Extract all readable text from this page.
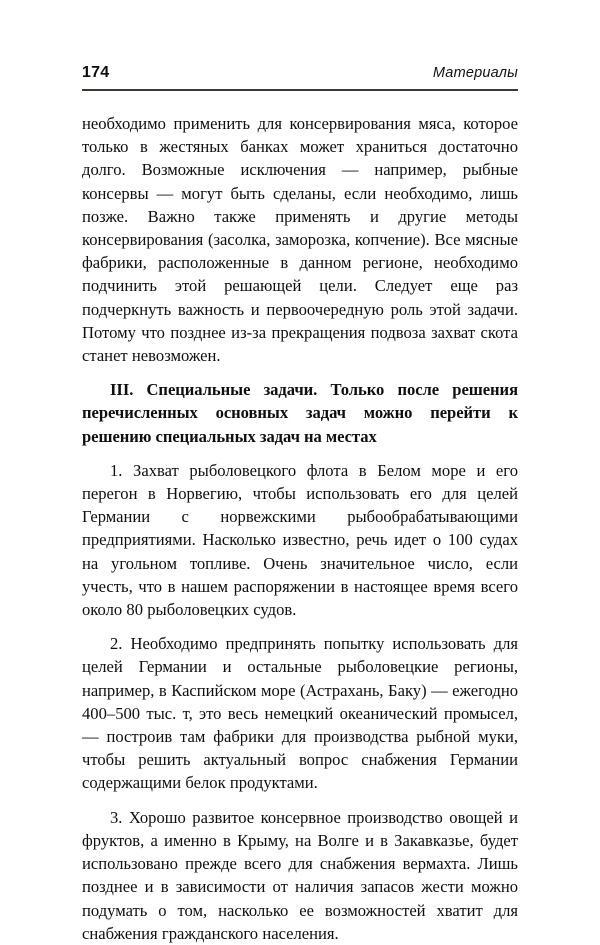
174	Материалы

необходимо применить для консервирования мяса, которое только в жестяных банках может храниться достаточно долго. Возможные исключения — например, рыбные консервы — могут быть сделаны, если необходимо, лишь позже. Важно также применять и другие методы консервирования (засолка, заморозка, копчение). Все мясные фабрики, расположенные в данном регионе, необходимо подчинить этой решающей цели. Следует еще раз подчеркнуть важность и первоочередную роль этой задачи. Потому что позднее из-за прекращения подвоза захват скота станет невозможен.

III. Специальные задачи. Только после решения перечисленных основных задач можно перейти к решению специальных задач на местах

1. Захват рыболовецкого флота в Белом море и его перегон в Норвегию, чтобы использовать его для целей Германии с норвежскими рыбообрабатывающими предприятиями. Насколько известно, речь идет о 100 судах на угольном топливе. Очень значительное число, если учесть, что в нашем распоряжении в настоящее время всего около 80 рыболовецких судов.

2. Необходимо предпринять попытку использовать для целей Германии и остальные рыболовецкие регионы, например, в Каспийском море (Астрахань, Баку) — ежегодно 400–500 тыс. т, это весь немецкий океанический промысел, — построив там фабрики для производства рыбной муки, чтобы решить актуальный вопрос снабжения Германии содержащими белок продуктами.

3. Хорошо развитое консервное производство овощей и фруктов, а именно в Крыму, на Волге и в Закавказье, будет использовано прежде всего для снабжения вермахта. Лишь позднее и в зависимости от наличия запасов жести можно подумать о том, насколько ее возможностей хватит для снабжения гражданского населения.
